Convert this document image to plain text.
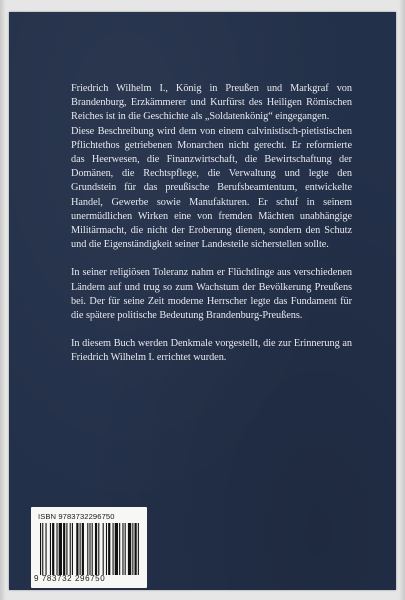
Friedrich Wilhelm I., König in Preußen und Markgraf von Brandenburg, Erzkämmerer und Kurfürst des Heiligen Römischen Reiches ist in die Geschichte als „Soldatenkönig“ eingegangen.

Diese Beschreibung wird dem von einem calvinistisch-pietistischen Pflichtethos getriebenen Monarchen nicht gerecht. Er reformierte das Heerwesen, die Finanzwirtschaft, die Bewirtschaftung der Domänen, die Rechtspflege, die Verwaltung und legte den Grundstein für das preußische Berufsbeamtentum, entwickelte Handel, Gewerbe sowie Manufakturen. Er schuf in seinem unermüdlichen Wirken eine von fremden Mächten unabhängige Militärmacht, die nicht der Eroberung dienen, sondern den Schutz und die Eigenständigkeit seiner Landesteile sicherstellen sollte.

In seiner religiösen Toleranz nahm er Flüchtlinge aus verschiedenen Ländern auf und trug so zum Wachstum der Bevölkerung Preußens bei. Der für seine Zeit moderne Herrscher legte das Fundament für die spätere politische Bedeutung Brandenburg-Preußens.

In diesem Buch werden Denkmale vorgestellt, die zur Erinnerung an Friedrich Wilhelm I. errichtet wurden.

ISBN 9783732296750
9 783732 296750
